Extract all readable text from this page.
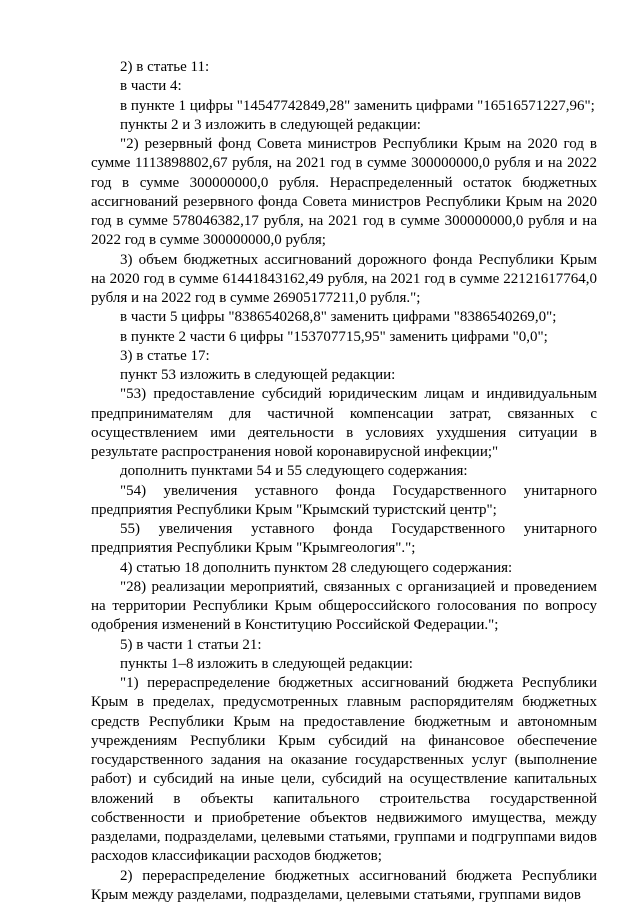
2) в статье 11:

в части 4:

в пункте 1 цифры "14547742849,28" заменить цифрами "16516571227,96";

пункты 2 и 3 изложить в следующей редакции:

"2) резервный фонд Совета министров Республики Крым на 2020 год в сумме 1113898802,67 рубля, на 2021 год в сумме 300000000,0 рубля и на 2022 год в сумме 300000000,0 рубля. Нераспределенный остаток бюджетных ассигнований резервного фонда Совета министров Республики Крым на 2020 год в сумме 578046382,17 рубля, на 2021 год в сумме 300000000,0 рубля и на 2022 год в сумме 300000000,0 рубля;

3) объем бюджетных ассигнований дорожного фонда Республики Крым на 2020 год в сумме 61441843162,49 рубля, на 2021 год в сумме 22121617764,0 рубля и на 2022 год в сумме 26905177211,0 рубля.";

в части 5 цифры "8386540268,8" заменить цифрами "8386540269,0";

в пункте 2 части 6 цифры "153707715,95" заменить цифрами "0,0";

3) в статье 17:

пункт 53 изложить в следующей редакции:

"53) предоставление субсидий юридическим лицам и индивидуальным предпринимателям для частичной компенсации затрат, связанных с осуществлением ими деятельности в условиях ухудшения ситуации в результате распространения новой коронавирусной инфекции;"

дополнить пунктами 54 и 55 следующего содержания:

"54) увеличения уставного фонда Государственного унитарного предприятия Республики Крым "Крымский туристский центр";

55) увеличения уставного фонда Государственного унитарного предприятия Республики Крым "Крымгеология".";

4) статью 18 дополнить пунктом 28 следующего содержания:

"28) реализации мероприятий, связанных с организацией и проведением на территории Республики Крым общероссийского голосования по вопросу одобрения изменений в Конституцию Российской Федерации.";

5) в части 1 статьи 21:

пункты 1–8 изложить в следующей редакции:

"1) перераспределение бюджетных ассигнований бюджета Республики Крым в пределах, предусмотренных главным распорядителям бюджетных средств Республики Крым на предоставление бюджетным и автономным учреждениям Республики Крым субсидий на финансовое обеспечение государственного задания на оказание государственных услуг (выполнение работ) и субсидий на иные цели, субсидий на осуществление капитальных вложений в объекты капитального строительства государственной собственности и приобретение объектов недвижимого имущества, между разделами, подразделами, целевыми статьями, группами и подгруппами видов расходов классификации расходов бюджетов;

2) перераспределение бюджетных ассигнований бюджета Республики Крым между разделами, подразделами, целевыми статьями, группами видов
